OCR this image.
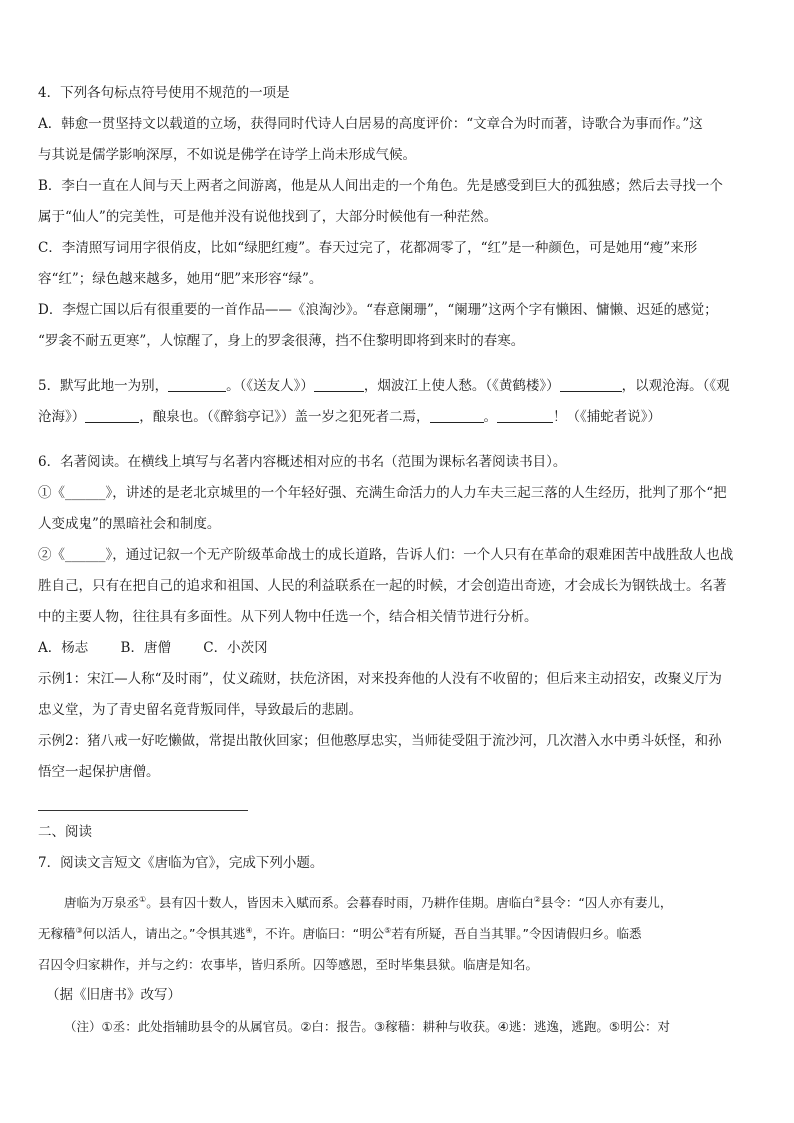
4．下列各句标点符号使用不规范的一项是

A．韩愈一贯坚持文以载道的立场，获得同时代诗人白居易的高度评价：“文章合为时而著，诗歌合为事而作。”这

与其说是儒学影响深厚，不如说是佛学在诗学上尚未形成气候。

B．李白一直在人间与天上两者之间游离，他是从人间出走的一个角色。先是感受到巨大的孤独感；然后去寻找一个

属于“仙人”的完美性，可是他并没有说他找到了，大部分时候他有一种茫然。

C．李清照写词用字很俏皮，比如“绿肥红瘦”。春天过完了，花都凋零了，“红”是一种颜色，可是她用“瘦”来形

容“红”；绿色越来越多，她用“肥”来形容“绿”。

D．李煜亡国以后有很重要的一首作品——《浪淘沙》。“春意阑珊”，“阑珊”这两个字有懒困、慵懒、迟延的感觉；

“罗衾不耐五更寒”，人惊醒了，身上的罗衾很薄，挡不住黎明即将到来时的春寒。

5．默写此地一为别，	。（《送友人》）	，烟波江上使人愁。（《黄鹤楼》）	，以观沧海。（《观

沧海》）	，酿泉也。（《醉翁亭记》）盖一岁之犯死者二焉，	。	！（《捕蛇者说》）

6．名著阅读。在横线上填写与名著内容概述相对应的书名（范围为课标名著阅读书目）。

①《______》，讲述的是老北京城里的一个年轻好强、充满生命活力的人力车夫三起三落的人生经历，批判了那个“把

人变成鬼”的黑暗社会和制度。

②《______》，通过记叙一个无产阶级革命战士的成长道路，告诉人们：一个人只有在革命的艰难困苦中战胜敌人也战

胜自己，只有在把自己的追求和祖国、人民的利益联系在一起的时候，才会创造出奇迹，才会成长为钢铁战士。名著

中的主要人物，往往具有多面性。从下列人物中任选一个，结合相关情节进行分析。

A．杨志 B．唐僧 C．小茨冈

示例1：宋江—人称“及时雨”，仗义疏财，扶危济困，对来投奔他的人没有不收留的；但后来主动招安，改聚义厅为

忠义堂，为了青史留名竟背叛同伴，导致最后的悲剧。

示例2：猪八戒一好吃懒做，常提出散伙回家；但他憨厚忠实，当师徒受阻于流沙河，几次潜入水中勇斗妖怪，和孙

悟空一起保护唐僧。

二、阅读

7．阅读文言短文《唐临为官》，完成下列小题。

唐临为万泉丞①。县有囚十数人，皆因未入赋而系。会暮春时雨，乃耕作佳期。唐临白②县令：“囚人亦有妻儿，

无稼穑③何以活人，请出之。”令惧其逃④，不许。唐临曰：“明公⑤若有所疑，吾自当其罪。”令因请假归乡。临悉

召囚令归家耕作，并与之约：农事毕，皆归系所。囚等感恩，至时毕集县狱。临唐是知名。

（据《旧唐书》改写）

（注）①丞：此处指辅助县令的从属官员。②白：报告。③稼穑：耕种与收获。④逃：逃逸，逃跑。⑤明公：对
